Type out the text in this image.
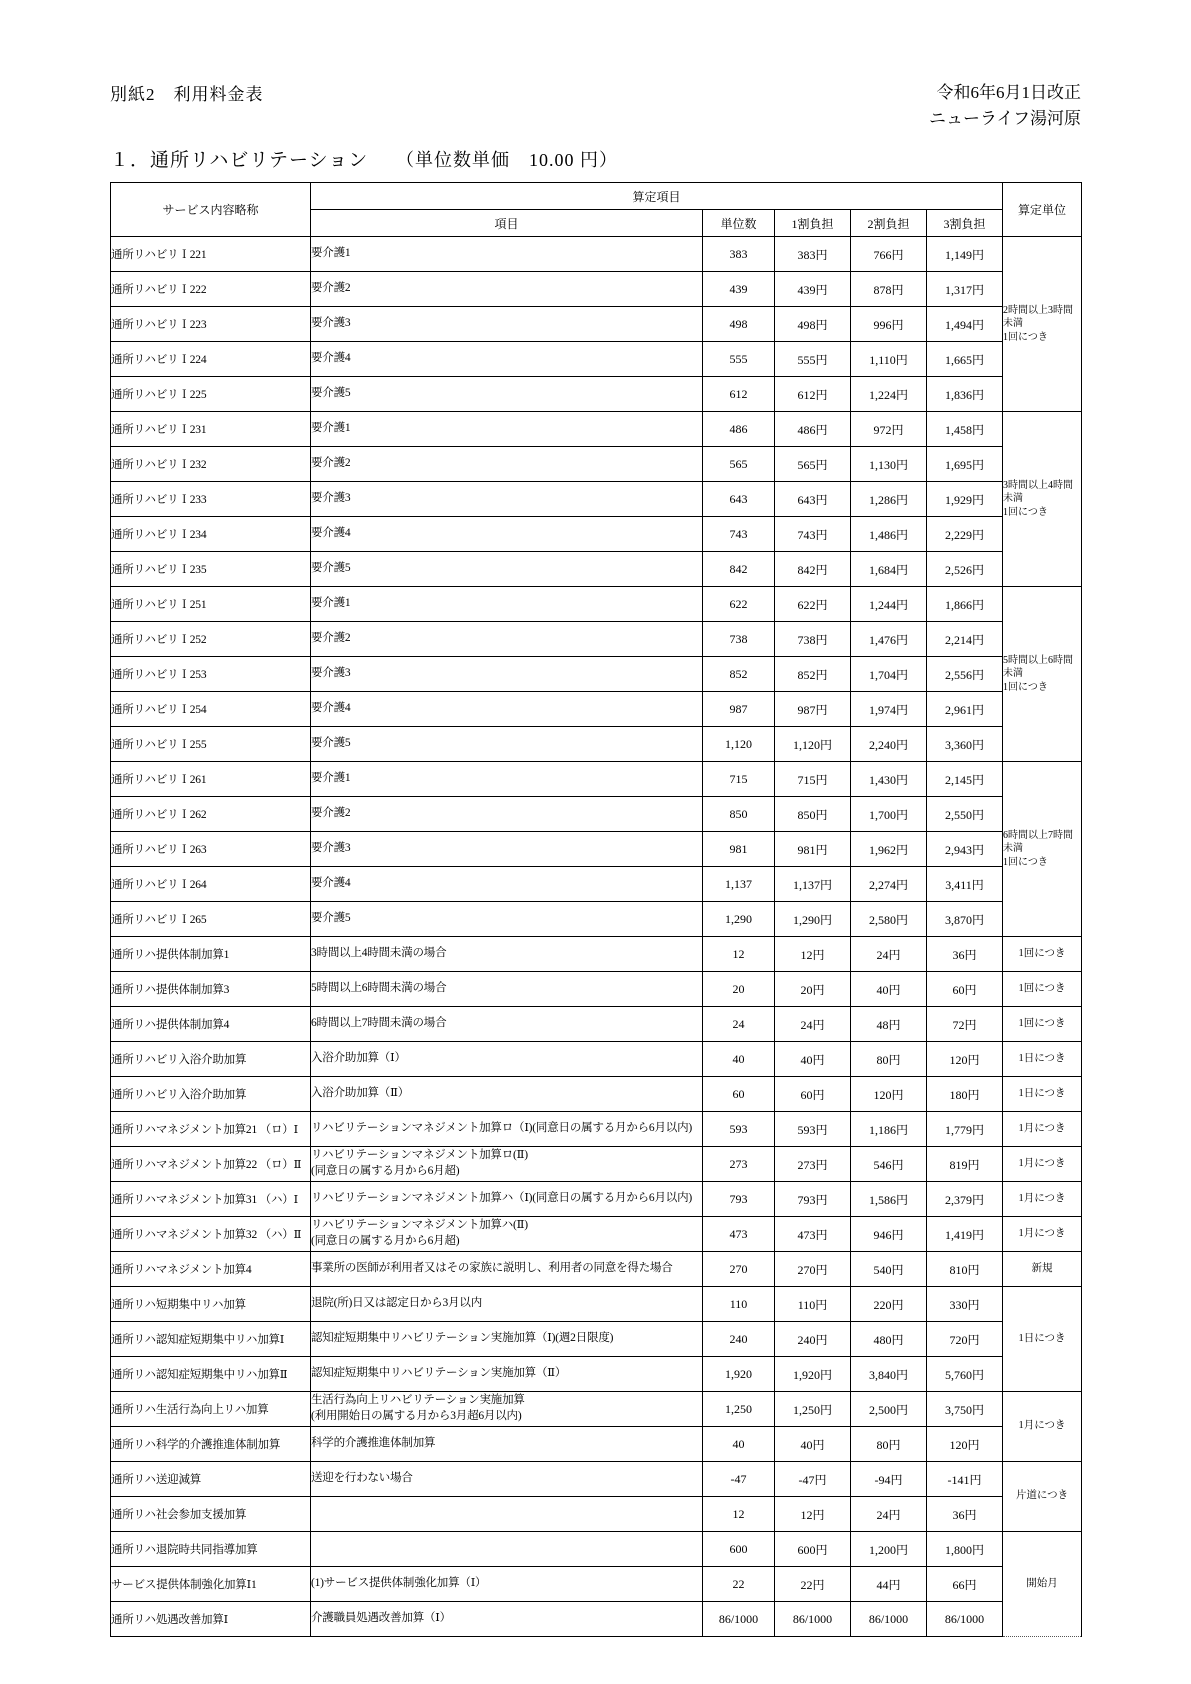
別紙2　利用料金表	令和6年6月1日改正
ニューライフ湯河原
１．通所リハビリテーション （単位数単価　10.00 円）
サービス内容略称	算定項目					算定単位
	項目	単位数	1割負担	2割負担	3割負担	
通所リハビリＩ221	要介護1	383	383円	766円	1,149円	2時間以上3時間
未満
1回につき
通所リハビリＩ222	要介護2	439	439円	878円	1,317円	
通所リハビリＩ223	要介護3	498	498円	996円	1,494円	
通所リハビリＩ224	要介護4	555	555円	1,110円	1,665円	
通所リハビリＩ225	要介護5	612	612円	1,224円	1,836円	
通所リハビリＩ231	要介護1	486	486円	972円	1,458円	3時間以上4時間
未満
1回につき
通所リハビリＩ232	要介護2	565	565円	1,130円	1,695円	
通所リハビリＩ233	要介護3	643	643円	1,286円	1,929円	
通所リハビリＩ234	要介護4	743	743円	1,486円	2,229円	
通所リハビリＩ235	要介護5	842	842円	1,684円	2,526円	
通所リハビリＩ251	要介護1	622	622円	1,244円	1,866円	5時間以上6時間
未満
1回につき
通所リハビリＩ252	要介護2	738	738円	1,476円	2,214円	
通所リハビリＩ253	要介護3	852	852円	1,704円	2,556円	
通所リハビリＩ254	要介護4	987	987円	1,974円	2,961円	
通所リハビリＩ255	要介護5	1,120	1,120円	2,240円	3,360円	
通所リハビリＩ261	要介護1	715	715円	1,430円	2,145円	6時間以上7時間
未満
1回につき
通所リハビリＩ262	要介護2	850	850円	1,700円	2,550円	
通所リハビリＩ263	要介護3	981	981円	1,962円	2,943円	
通所リハビリＩ264	要介護4	1,137	1,137円	2,274円	3,411円	
通所リハビリＩ265	要介護5	1,290	1,290円	2,580円	3,870円	
通所リハ提供体制加算1	3時間以上4時間未満の場合	12	12円	24円	36円	1回につき
通所リハ提供体制加算3	5時間以上6時間未満の場合	20	20円	40円	60円	1回につき
通所リハ提供体制加算4	6時間以上7時間未満の場合	24	24円	48円	72円	1回につき
通所リハビリ入浴介助加算	入浴介助加算（Ⅰ）	40	40円	80円	120円	1日につき
通所リハビリ入浴介助加算	入浴介助加算（Ⅱ）	60	60円	120円	180円	1日につき
通所リハマネジメント加算21 （ロ）Ⅰ	リハビリテーションマネジメント加算ロ（Ⅰ)(同意日の属する月から6月以内)	593	593円	1,186円	1,779円	1月につき
通所リハマネジメント加算22 （ロ）Ⅱ	リハビリテーションマネジメント加算ロ(Ⅱ)
(同意日の属する月から6月超)	273	273円	546円	819円	1月につき
通所リハマネジメント加算31 （ハ）Ⅰ	リハビリテーションマネジメント加算ハ（Ⅰ)(同意日の属する月から6月以内)	793	793円	1,586円	2,379円	1月につき
通所リハマネジメント加算32 （ハ）Ⅱ	リハビリテーションマネジメント加算ハ(Ⅱ)
(同意日の属する月から6月超)	473	473円	946円	1,419円	1月につき
通所リハマネジメント加算4	事業所の医師が利用者又はその家族に説明し、利用者の同意を得た場合	270	270円	540円	810円	新規
通所リハ短期集中リハ加算	退院(所)日又は認定日から3月以内	110	110円	220円	330円	1日につき
通所リハ認知症短期集中リハ加算Ⅰ	認知症短期集中リハビリテーション実施加算（Ⅰ)(週2日限度)	240	240円	480円	720円	
通所リハ認知症短期集中リハ加算Ⅱ	認知症短期集中リハビリテーション実施加算（Ⅱ）	1,920	1,920円	3,840円	5,760円	
通所リハ生活行為向上リハ加算	生活行為向上リハビリテーション実施加算
(利用開始日の属する月から3月超6月以内)	1,250	1,250円	2,500円	3,750円	1月につき
通所リハ科学的介護推進体制加算	科学的介護推進体制加算	40	40円	80円	120円	
通所リハ送迎減算	送迎を行わない場合	-47	-47円	-94円	-141円	片道につき
通所リハ社会参加支援加算		12	12円	24円	36円	
通所リハ退院時共同指導加算		600	600円	1,200円	1,800円	開始月
サービス提供体制強化加算Ⅰ1	(1)サービス提供体制強化加算（Ⅰ）	22	22円	44円	66円	
通所リハ処遇改善加算Ⅰ	介護職員処遇改善加算（Ⅰ）	86/1000	86/1000	86/1000	86/1000	
